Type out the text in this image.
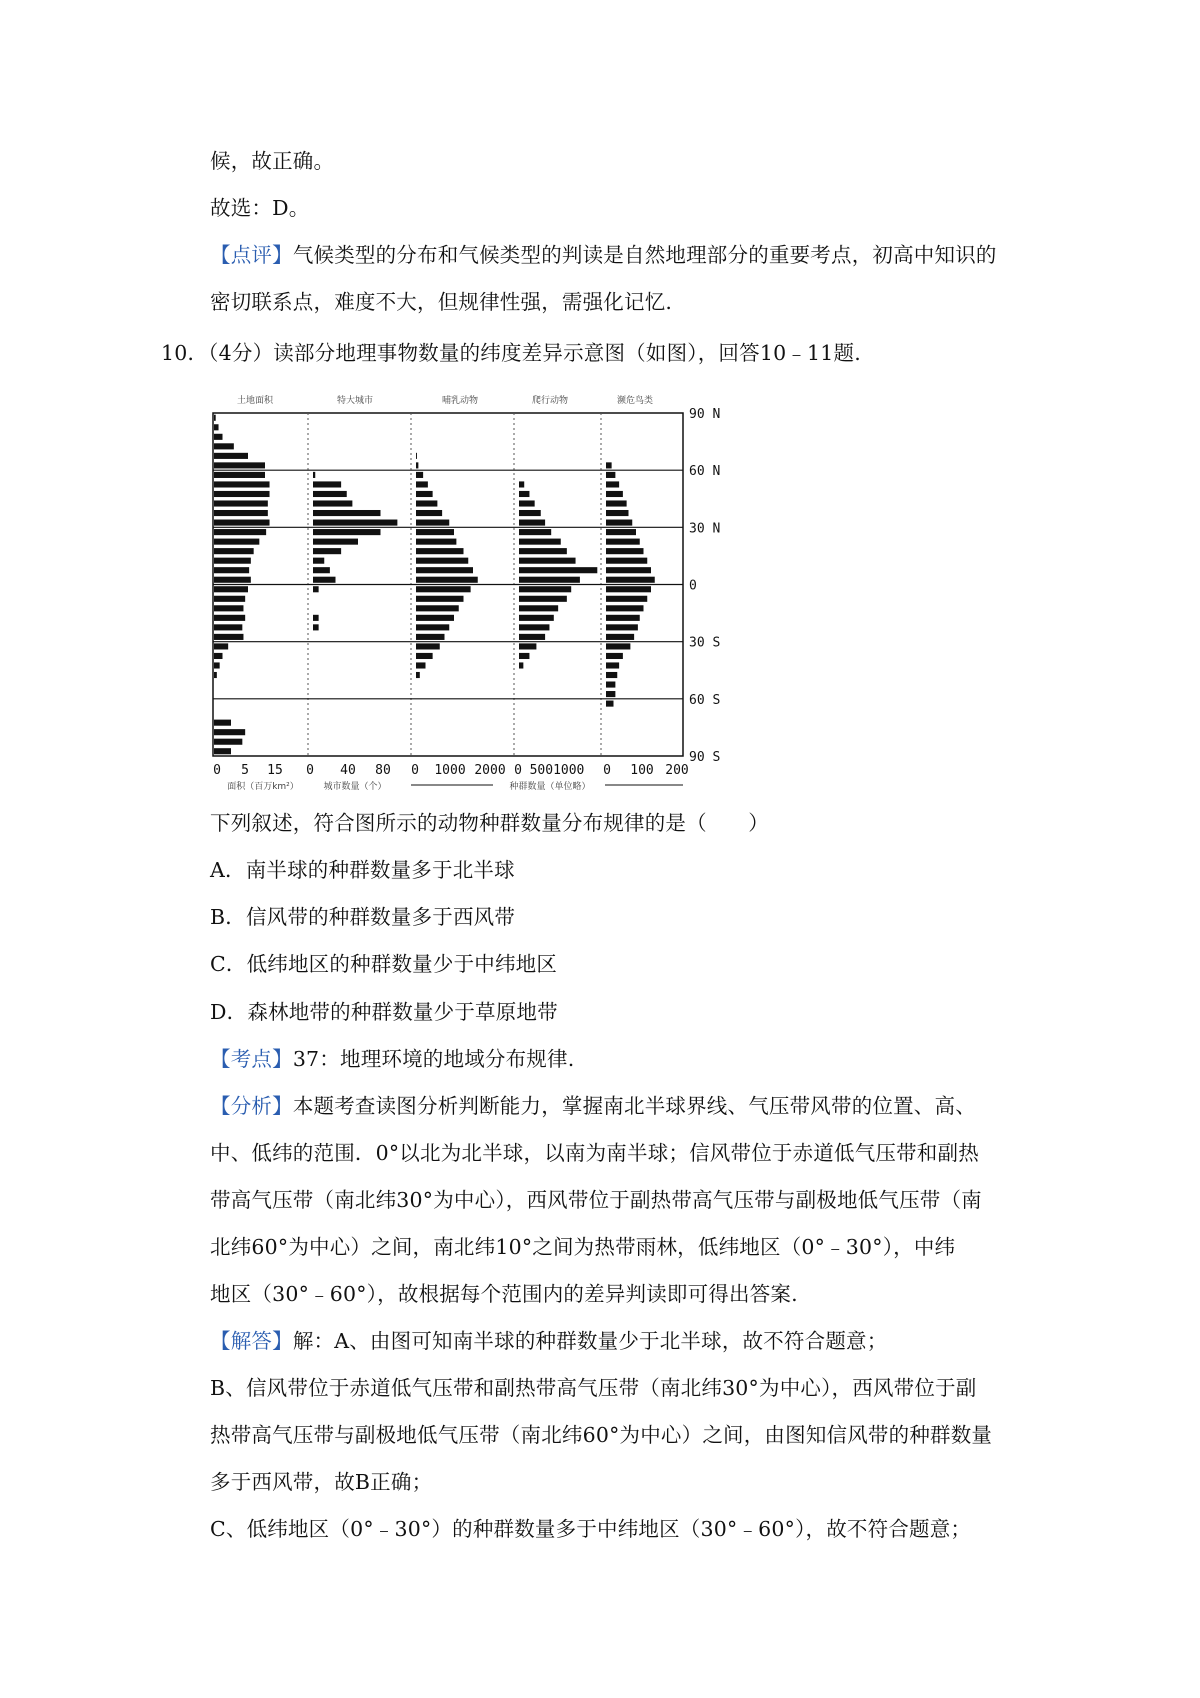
候，故正确。
故选：D。
【点评】气候类型的分布和气候类型的判读是自然地理部分的重要考点，初高中知识的
密切联系点，难度不大，但规律性强，需强化记忆.
10．（4分）读部分地理事物数量的纬度差异示意图（如图），回答10﹣11题.
土地面积	特大城市	哺乳动物	爬行动物	濒危鸟类
90 N
60 N
30 N
0
30 S
60 S
90 S
0 5 15 0 40 80 0 1000 2000 0 5001000 0 100 200
面积（百万km²）	城市数量（个）	种群数量（单位略）
下列叙述，符合图所示的动物种群数量分布规律的是（　　）
A．南半球的种群数量多于北半球
B．信风带的种群数量多于西风带
C．低纬地区的种群数量少于中纬地区
D．森林地带的种群数量少于草原地带
【考点】37：地理环境的地域分布规律.
【分析】本题考查读图分析判断能力，掌握南北半球界线、气压带风带的位置、高、
中、低纬的范围．0°以北为北半球，以南为南半球；信风带位于赤道低气压带和副热
带高气压带（南北纬30°为中心），西风带位于副热带高气压带与副极地低气压带（南
北纬60°为中心）之间，南北纬10°之间为热带雨林，低纬地区（0°﹣30°），中纬
地区（30°﹣60°），故根据每个范围内的差异判读即可得出答案.
【解答】解：A、由图可知南半球的种群数量少于北半球，故不符合题意；
B、信风带位于赤道低气压带和副热带高气压带（南北纬30°为中心），西风带位于副
热带高气压带与副极地低气压带（南北纬60°为中心）之间，由图知信风带的种群数量
多于西风带，故B正确；
C、低纬地区（0°﹣30°）的种群数量多于中纬地区（30°﹣60°），故不符合题意；
